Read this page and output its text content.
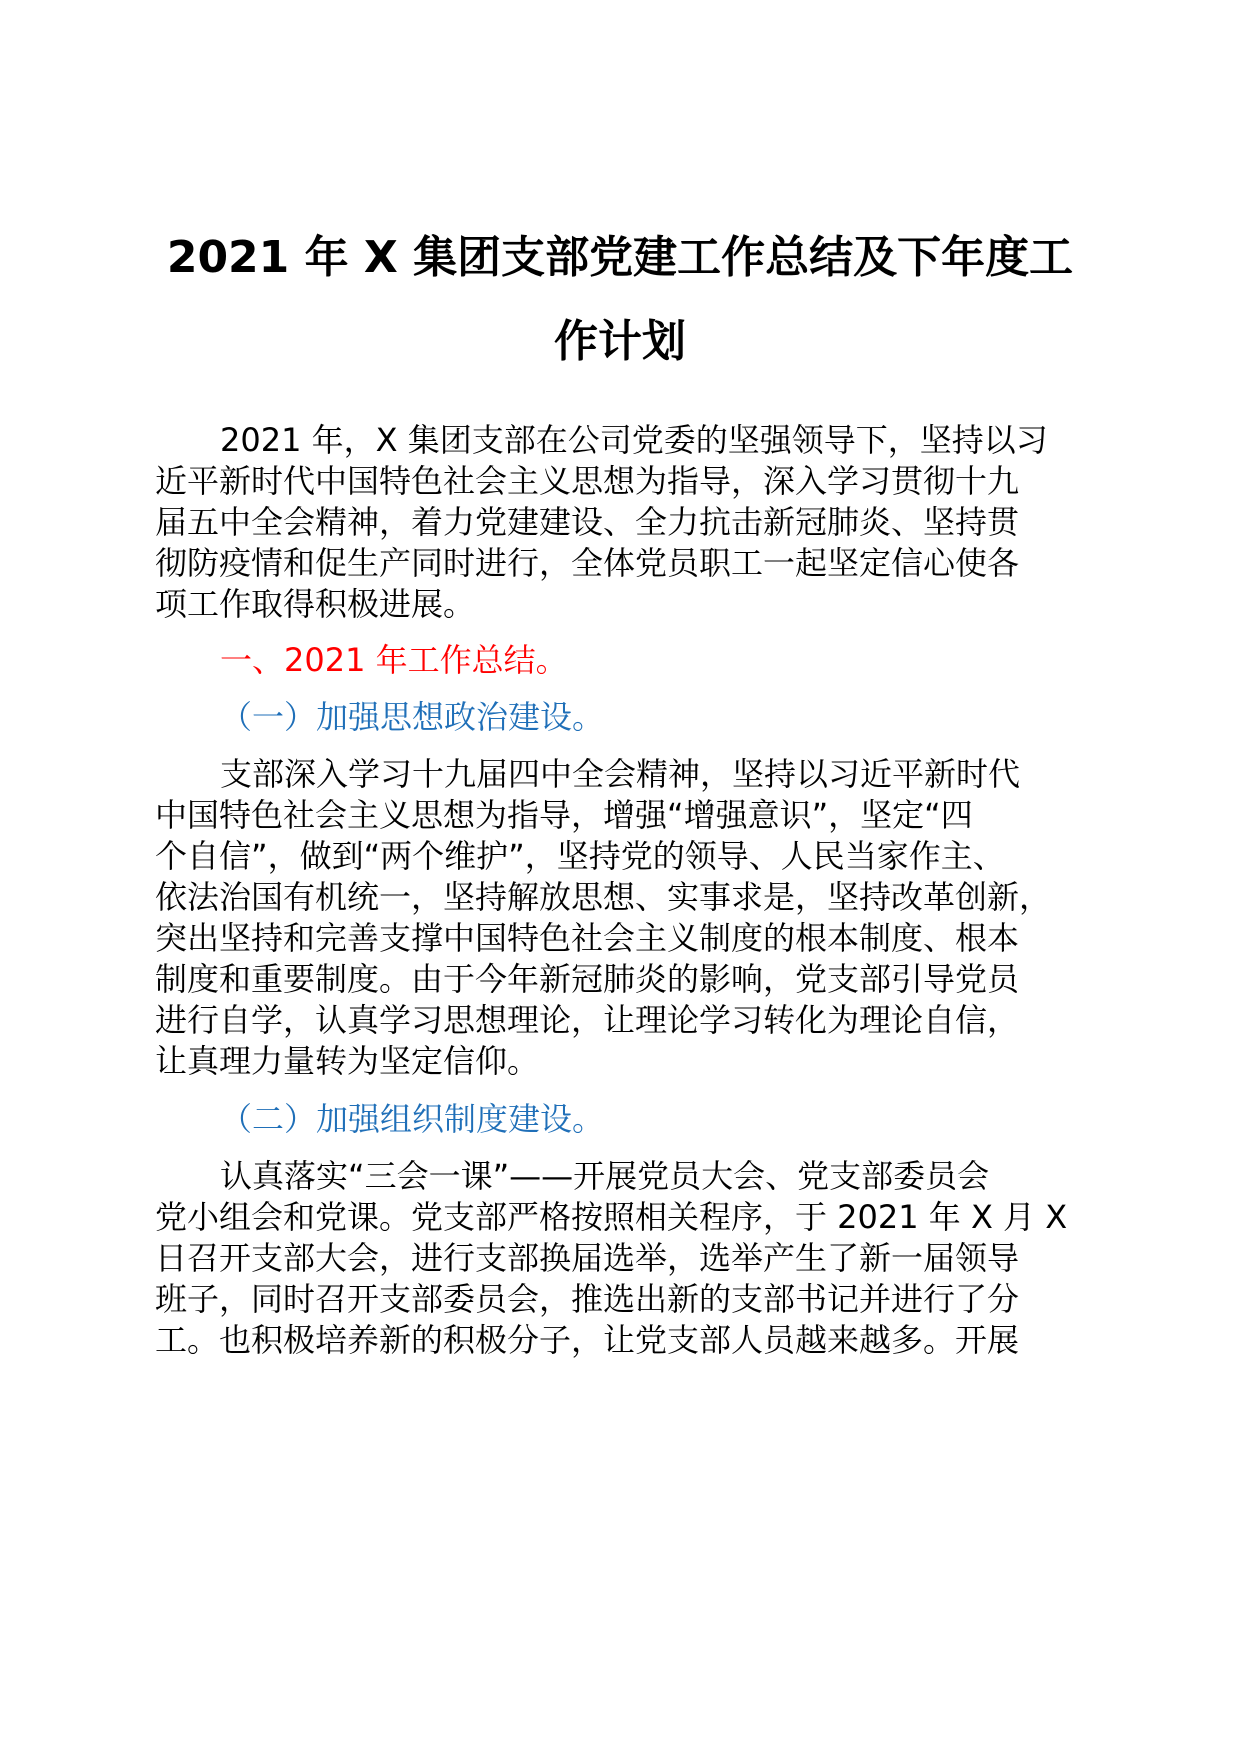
2021 年 X 集团支部党建工作总结及下年度工
作计划
2021 年，X 集团支部在公司党委的坚强领导下，坚持以习
近平新时代中国特色社会主义思想为指导，深入学习贯彻十九
届五中全会精神，着力党建建设、全力抗击新冠肺炎、坚持贯
彻防疫情和促生产同时进行，全体党员职工一起坚定信心使各
项工作取得积极进展。
一、2021 年工作总结。
（一）加强思想政治建设。
支部深入学习十九届四中全会精神，坚持以习近平新时代
中国特色社会主义思想为指导，增强“增强意识”，坚定“四
个自信”，做到“两个维护”，坚持党的领导、人民当家作主、
依法治国有机统一，坚持解放思想、实事求是，坚持改革创新，
突出坚持和完善支撑中国特色社会主义制度的根本制度、根本
制度和重要制度。由于今年新冠肺炎的影响，党支部引导党员
进行自学，认真学习思想理论，让理论学习转化为理论自信，
让真理力量转为坚定信仰。
（二）加强组织制度建设。
认真落实“三会一课”——开展党员大会、党支部委员会
党小组会和党课。党支部严格按照相关程序，于 2021 年 X 月 X
日召开支部大会，进行支部换届选举，选举产生了新一届领导
班子，同时召开支部委员会，推选出新的支部书记并进行了分
工。也积极培养新的积极分子，让党支部人员越来越多。开展
